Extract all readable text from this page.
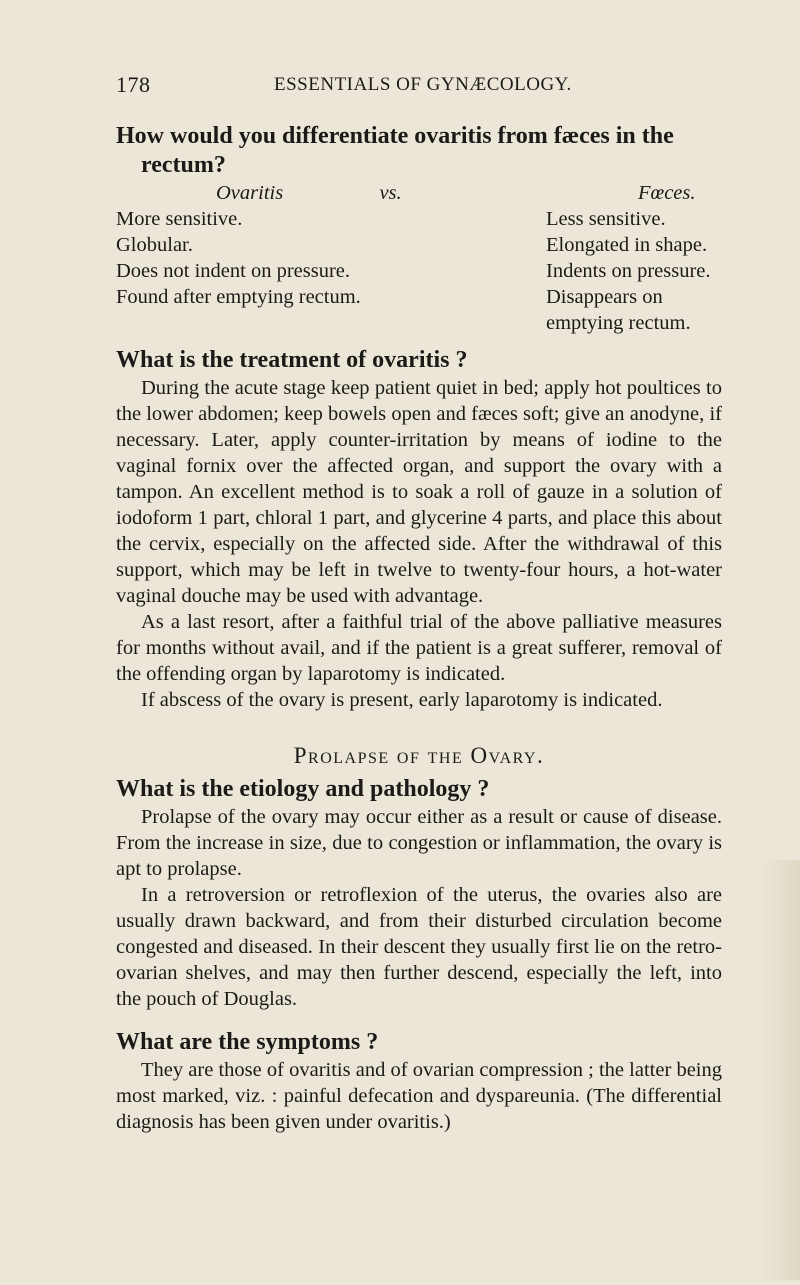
178	ESSENTIALS OF GYNÆCOLOGY.
How would you differentiate ovaritis from fæces in the
rectum?
Ovaritis vs.	Fœces.
More sensitive.	Less sensitive.
Globular.	Elongated in shape.
Does not indent on pressure.	Indents on pressure.
Found after emptying rectum.	Disappears on emptying rectum.
What is the treatment of ovaritis ?

During the acute stage keep patient quiet in bed; apply hot poultices to the lower abdomen; keep bowels open and fæces soft; give an anodyne, if necessary. Later, apply counter-irritation by means of iodine to the vaginal fornix over the affected organ, and support the ovary with a tampon. An excellent method is to soak a roll of gauze in a solution of iodoform 1 part, chloral 1 part, and glycerine 4 parts, and place this about the cervix, especially on the affected side. After the withdrawal of this support, which may be left in twelve to twenty-four hours, a hot-water vaginal douche may be used with advantage.

As a last resort, after a faithful trial of the above palliative measures for months without avail, and if the patient is a great sufferer, removal of the offending organ by laparotomy is indicated.

If abscess of the ovary is present, early laparotomy is indicated.

Prolapse of the Ovary.
What is the etiology and pathology ?

Prolapse of the ovary may occur either as a result or cause of disease. From the increase in size, due to congestion or inflammation, the ovary is apt to prolapse.

In a retroversion or retroflexion of the uterus, the ovaries also are usually drawn backward, and from their disturbed circulation become congested and diseased. In their descent they usually first lie on the retro-ovarian shelves, and may then further descend, especially the left, into the pouch of Douglas.

What are the symptoms ?

They are those of ovaritis and of ovarian compression ; the latter being most marked, viz. : painful defecation and dyspareunia. (The differential diagnosis has been given under ovaritis.)
